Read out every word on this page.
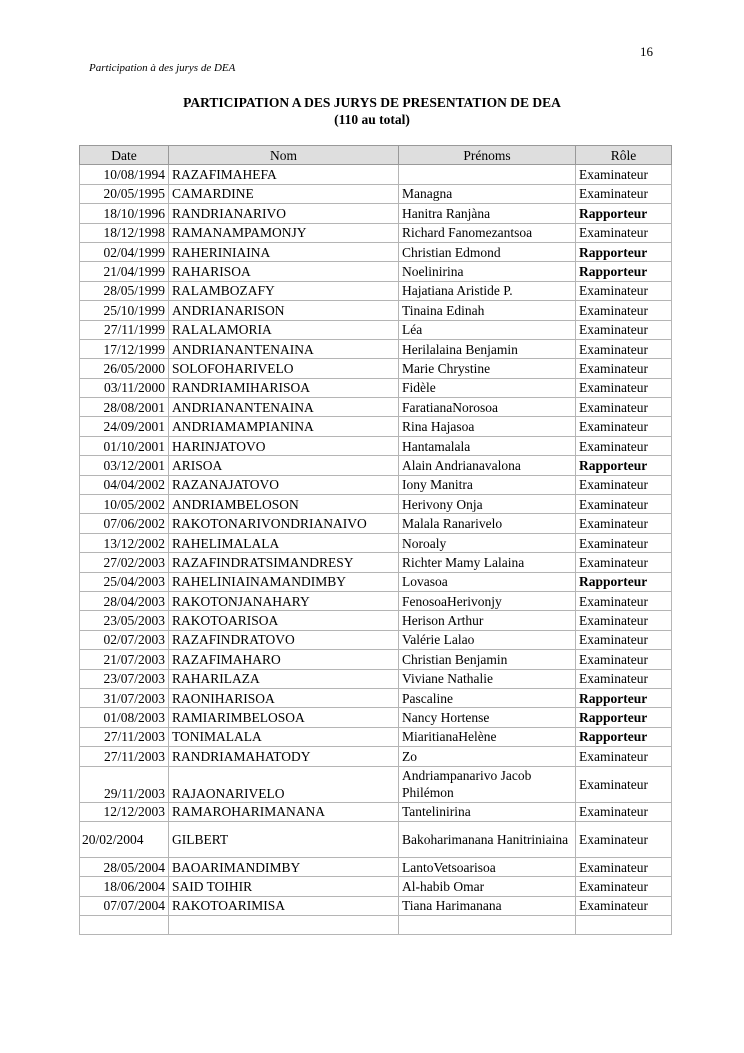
16
Participation à des jurys de DEA
PARTICIPATION A DES JURYS DE PRESENTATION DE DEA
(110 au total)
Date	Nom	Prénoms	Rôle
10/08/1994	RAZAFIMAHEFA		Examinateur
20/05/1995	CAMARDINE	Managna	Examinateur
18/10/1996	RANDRIANARIVO	Hanitra Ranjàna	Rapporteur
18/12/1998	RAMANAMPAMONJY	Richard Fanomezantsoa	Examinateur
02/04/1999	RAHERINIAINA	Christian Edmond	Rapporteur
21/04/1999	RAHARISOA	Noelinirina	Rapporteur
28/05/1999	RALAMBOZAFY	Hajatiana Aristide P.	Examinateur
25/10/1999	ANDRIANARISON	Tinaina Edinah	Examinateur
27/11/1999	RALALAMORIA	Léa	Examinateur
17/12/1999	ANDRIANANTENAINA	Herilalaina Benjamin	Examinateur
26/05/2000	SOLOFOHARIVELO	Marie Chrystine	Examinateur
03/11/2000	RANDRIAMIHARISOA	Fidèle	Examinateur
28/08/2001	ANDRIANANTENAINA	FaratianaNorosoa	Examinateur
24/09/2001	ANDRIAMAMPIANINA	Rina Hajasoa	Examinateur
01/10/2001	HARINJATOVO	Hantamalala	Examinateur
03/12/2001	ARISOA	Alain Andrianavalona	Rapporteur
04/04/2002	RAZANAJATOVO	Iony Manitra	Examinateur
10/05/2002	ANDRIAMBELOSON	Herivony Onja	Examinateur
07/06/2002	RAKOTONARIVONDRIANAIVO	Malala Ranarivelo	Examinateur
13/12/2002	RAHELIMALALA	Noroaly	Examinateur
27/02/2003	RAZAFINDRATSIMANDRESY	Richter Mamy Lalaina	Examinateur
25/04/2003	RAHELINIAINAMANDIMBY	Lovasoa	Rapporteur
28/04/2003	RAKOTONJANAHARY	FenosoaHerivonjy	Examinateur
23/05/2003	RAKOTOARISOA	Herison Arthur	Examinateur
02/07/2003	RAZAFINDRATOVO	Valérie Lalao	Examinateur
21/07/2003	RAZAFIMAHARO	Christian Benjamin	Examinateur
23/07/2003	RAHARILAZA	Viviane Nathalie	Examinateur
31/07/2003	RAONIHARISOA	Pascaline	Rapporteur
01/08/2003	RAMIARIMBELOSOA	Nancy Hortense	Rapporteur
27/11/2003	TONIMALALA	MiaritianaHelène	Rapporteur
27/11/2003	RANDRIAMAHATODY	Zo	Examinateur
29/11/2003	RAJAONARIVELO	Andriampanarivo Jacob Philémon	Examinateur
12/12/2003	RAMAROHARIMANANA	Tantelinirina	Examinateur
20/02/2004	GILBERT	Bakoharimanana Hanitriniaina	Examinateur
28/05/2004	BAOARIMANDIMBY	LantoVetsoarisoa	Examinateur
18/06/2004	SAID TOIHIR	Al-habib Omar	Examinateur
07/07/2004	RAKOTOARIMISA	Tiana Harimanana	Examinateur
